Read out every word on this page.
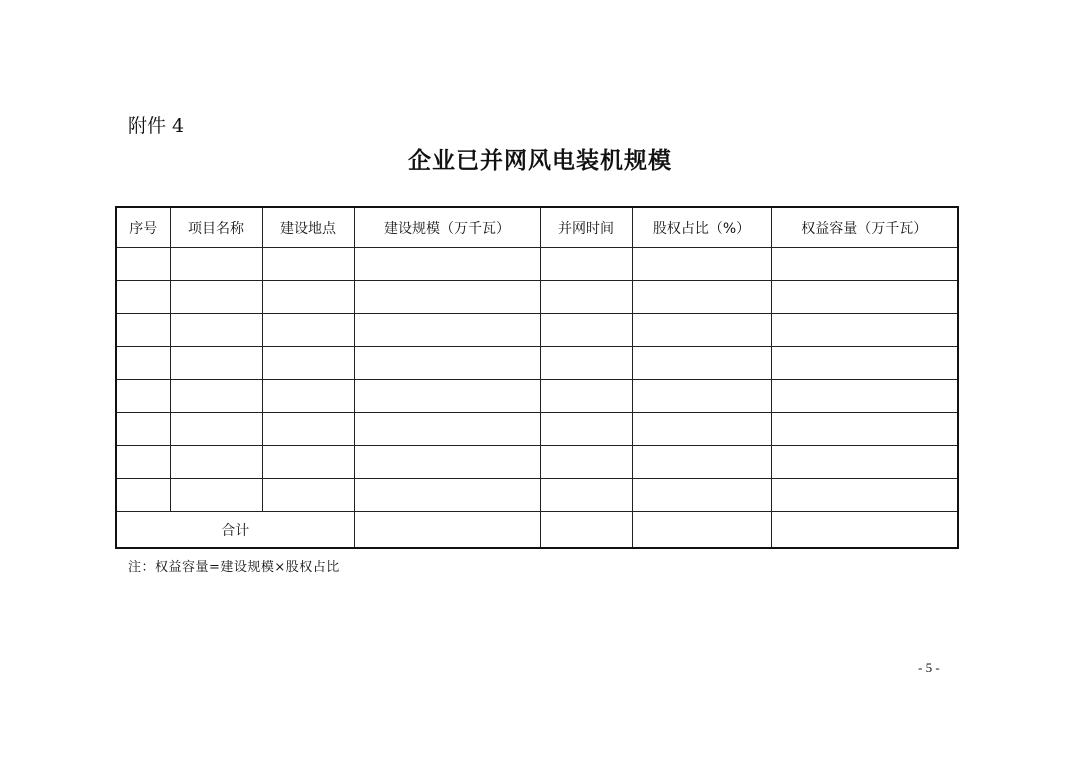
附件 4
企业已并网风电装机规模
序号	项目名称	建设地点	建设规模（万千瓦）	并网时间	股权占比（%）	权益容量（万千瓦）

合计						
注：权益容量=建设规模×股权占比
- 5 -
